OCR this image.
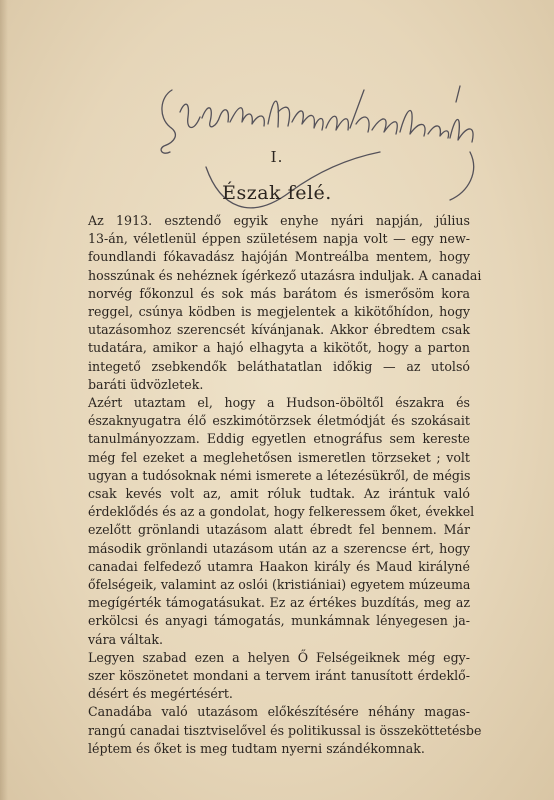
I.
Észak felé.

Az 1913. esztendő egyik enyhe nyári napján, július
13-án, véletlenül éppen születésem napja volt — egy new-
foundlandi fókavadász hajóján Montreálba mentem, hogy
hosszúnak és nehéznek ígérkező utazásra induljak. A canadai
norvég főkonzul és sok más barátom és ismerősöm kora
reggel, csúnya ködben is megjelentek a kikötőhídon, hogy
utazásomhoz szerencsét kívánjanak. Akkor ébredtem csak
tudatára, amikor a hajó elhagyta a kikötőt, hogy a parton
integető zsebkendők beláthatatlan időkig — az utolsó
baráti üdvözletek.

Azért utaztam el, hogy a Hudson-öböltől északra és
északnyugatra élő eszkimótörzsek életmódját és szokásait
tanulmányozzam. Eddig egyetlen etnográfus sem kereste
még fel ezeket a meglehetősen ismeretlen törzseket ; volt
ugyan a tudósoknak némi ismerete a létezésükről, de mégis
csak kevés volt az, amit róluk tudtak. Az irántuk való
érdeklődés és az a gondolat, hogy felkeressem őket, évekkel
ezelőtt grönlandi utazásom alatt ébredt fel bennem. Már
második grönlandi utazásom után az a szerencse ért, hogy
canadai felfedező utamra Haakon király és Maud királyné
őfelségeik, valamint az oslói (kristiániai) egyetem múzeuma
megígérték támogatásukat. Ez az értékes buzdítás, meg az
erkölcsi és anyagi támogatás, munkámnak lényegesen ja-
vára váltak.

Legyen szabad ezen a helyen Ő Felségeiknek még egy-
szer köszönetet mondani a tervem iránt tanusított érdeklő-
désért és megértésért.

Canadába való utazásom előkészítésére néhány magas-
rangú canadai tisztviselővel és politikussal is összeköttetésbe
léptem és őket is meg tudtam nyerni szándékomnak.
